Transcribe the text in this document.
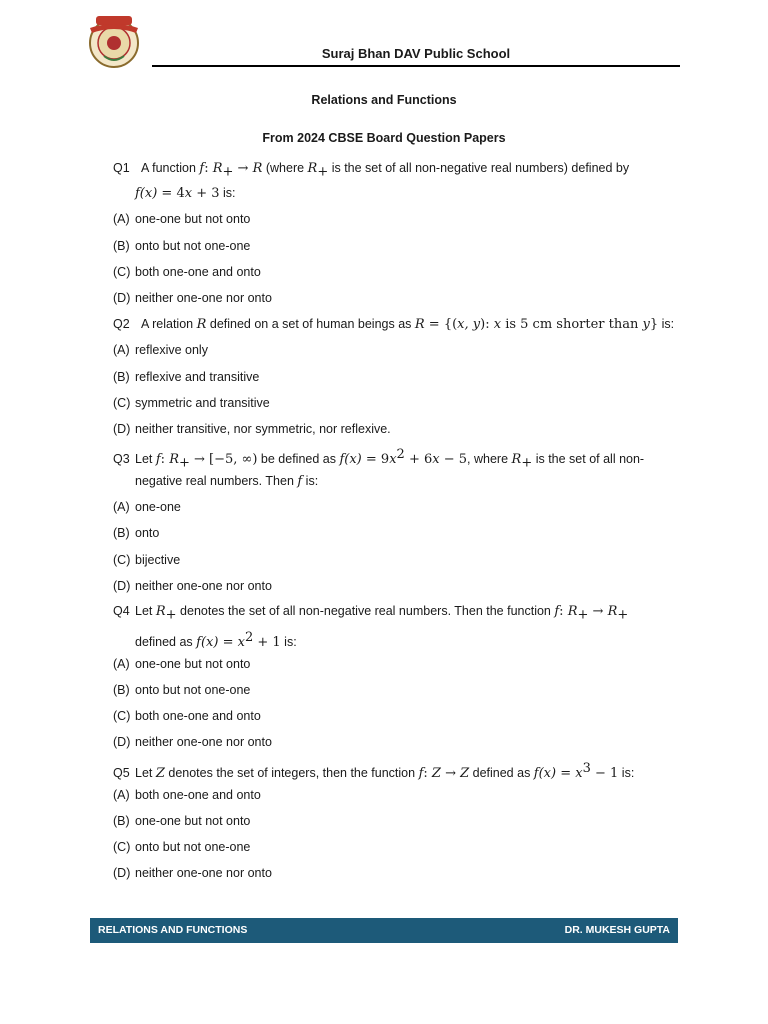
Suraj Bhan DAV Public School
Relations and Functions
From 2024 CBSE Board Question Papers
Q1 A function f: $R_+ \to R$ (where $R_+$ is the set of all non-negative real numbers) defined by
f(x) = 4x + 3 is:
(A) one-one but not onto
(B) onto but not one-one
(C) both one-one and onto
(D) neither one-one nor onto
Q2 A relation R defined on a set of human beings as R = {(x, y): x is 5 cm shorter than y} is:
(A) reflexive only
(B) reflexive and transitive
(C) symmetric and transitive
(D) neither transitive, nor symmetric, nor reflexive.
Q3 Let f: $R_+ \to [-5$, ∞) be defined as $f(x) = 9x^2 + 6x - 5$, where $R_+$ is the set of all non-
negative real numbers. Then f is:
(A) one-one
(B) onto
(C) bijective
(D) neither one-one nor onto
Q4 Let $R_+$ denotes the set of all non-negative real numbers. Then the function f: $R_+ \to R_+$
defined as $f(x) = x^2 + 1$ is:
(A) one-one but not onto
(B) onto but not one-one
(C) both one-one and onto
(D) neither one-one nor onto
Q5 Let Z denotes the set of integers, then the function f: Z → Z defined as $f(x) = x^3 - 1$ is:
(A) both one-one and onto
(B) one-one but not onto
(C) onto but not one-one
(D) neither one-one nor onto
RELATIONS AND FUNCTIONS	DR. MUKESH GUPTA
